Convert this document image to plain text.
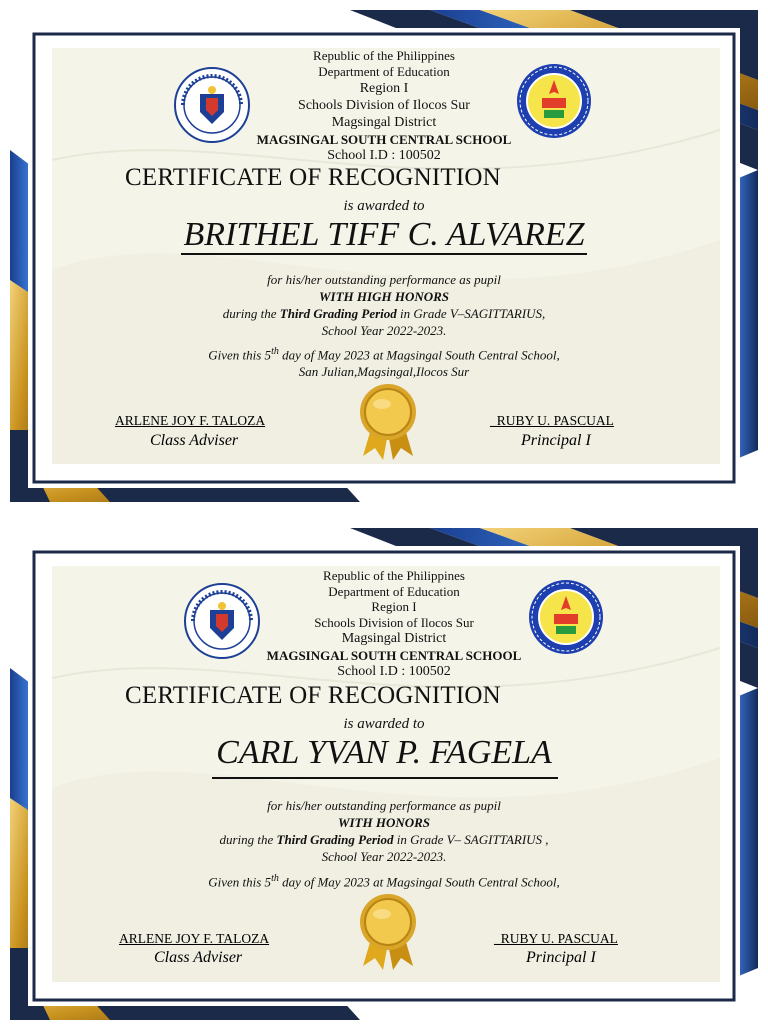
Republic of the Philippines
Department of Education
Region I
Schools Division of Ilocos Sur
Magsingal District
MAGSINGAL SOUTH CENTRAL SCHOOL
School I.D : 100502
CERTIFICATE OF RECOGNITION
is awarded to
BRITHEL TIFF C. ALVAREZ
for his/her outstanding performance as pupil
WITH HIGH HONORS
during the Third Grading Period in Grade V–SAGITTARIUS,
School Year 2022-2023.
Given this 5th day of May 2023 at Magsingal South Central School,
San Julian,Magsingal,Ilocos Sur
ARLENE JOY F. TALOZA
Class Adviser
_RUBY U. PASCUAL
Principal I
Republic of the Philippines
Department of Education
Region I
Schools Division of Ilocos Sur
Magsingal District
MAGSINGAL SOUTH CENTRAL SCHOOL
School I.D : 100502
CERTIFICATE OF RECOGNITION
is awarded to
CARL YVAN P. FAGELA
for his/her outstanding performance as pupil
WITH HONORS
during the Third Grading Period in Grade V– SAGITTARIUS ,
School Year 2022-2023.
Given this 5th day of May 2023 at Magsingal South Central School,
ARLENE JOY F. TALOZA
Class Adviser
_RUBY U. PASCUAL
Principal I
